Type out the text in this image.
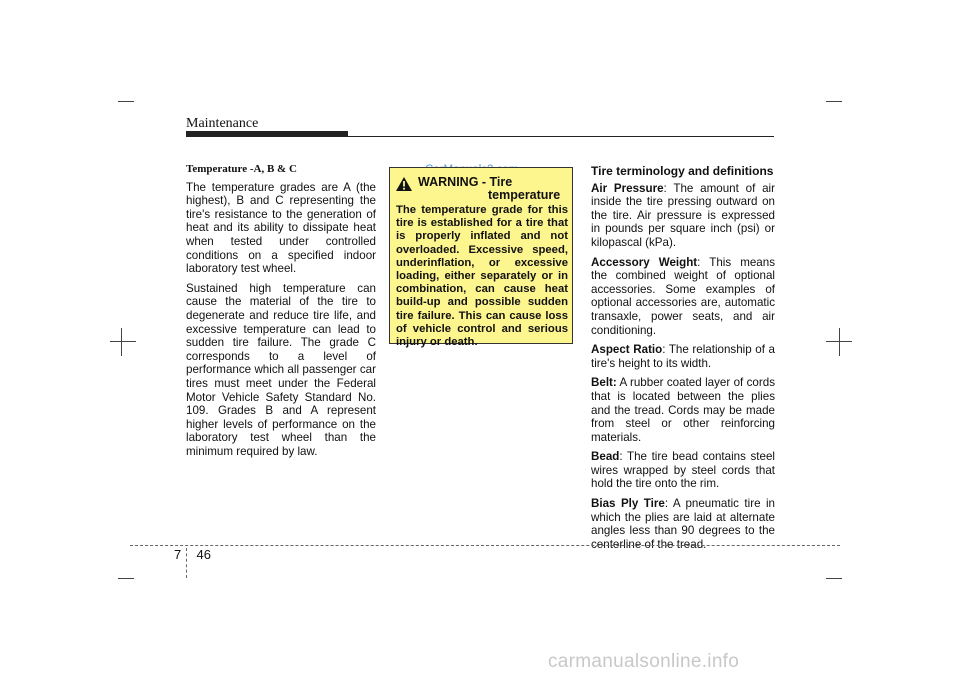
Maintenance
Temperature -A, B & C

The temperature grades are A (the highest), B and C representing the tire's resistance to the generation of heat and its ability to dissipate heat when tested under controlled conditions on a specified indoor laboratory test wheel.

Sustained high temperature can cause the material of the tire to degenerate and reduce tire life, and excessive temperature can lead to sudden tire failure. The grade C corresponds to a level of performance which all passenger car tires must meet under the Federal Motor Vehicle Safety Standard No. 109. Grades B and A represent higher levels of performance on the laboratory test wheel than the minimum required by law.

WARNING - Tire
temperature
The temperature grade for this tire is established for a tire that is properly inflated and not overloaded. Excessive speed, underinflation, or excessive loading, either separately or in combination, can cause heat build-up and possible sudden tire failure. This can cause loss of vehicle control and serious injury or death.
Tire terminology and definitions

Air Pressure: The amount of air inside the tire pressing outward on the tire. Air pressure is expressed in pounds per square inch (psi) or kilopascal (kPa).

Accessory Weight: This means the combined weight of optional accessories. Some examples of optional accessories are, automatic transaxle, power seats, and air conditioning.

Aspect Ratio: The relationship of a tire's height to its width.

Belt: A rubber coated layer of cords that is located between the plies and the tread. Cords may be made from steel or other reinforcing materials.

Bead: The tire bead contains steel wires wrapped by steel cords that hold the tire onto the rim.

Bias Ply Tire: A pneumatic tire in which the plies are laid at alternate angles less than 90 degrees to the centerline of the tread.

7 46
carmanualsonline.info
